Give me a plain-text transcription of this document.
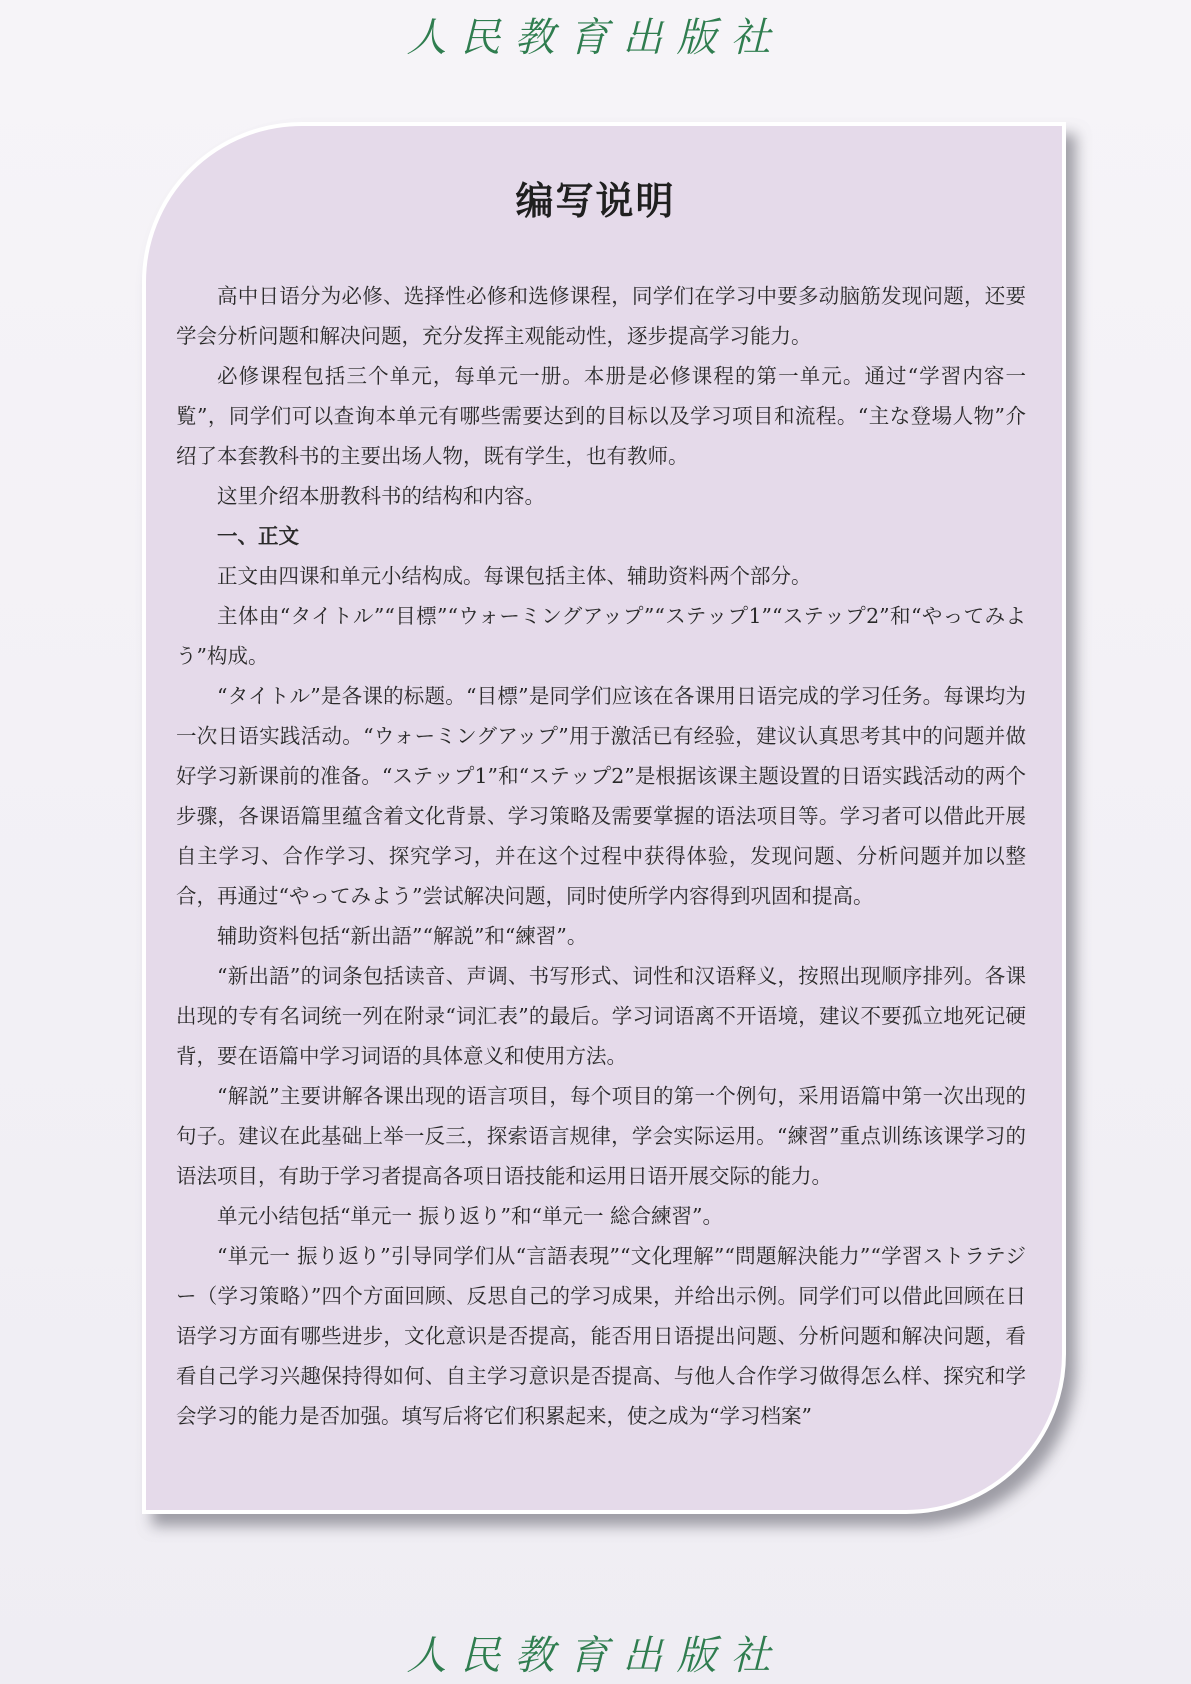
人民教育出版社
编写说明

高中日语分为必修、选择性必修和选修课程，同学们在学习中要多动脑筋发现问题，还要学会分析问题和解决问题，充分发挥主观能动性，逐步提高学习能力。

必修课程包括三个单元，每单元一册。本册是必修课程的第一单元。通过“学習内容一覧”，同学们可以查询本单元有哪些需要达到的目标以及学习项目和流程。“主な登場人物”介绍了本套教科书的主要出场人物，既有学生，也有教师。

这里介绍本册教科书的结构和内容。

一、正文

正文由四课和单元小结构成。每课包括主体、辅助资料两个部分。

主体由“タイトル”“目標”“ウォーミングアップ”“ステップ1”“ステップ2”和“やってみよう”构成。

“タイトル”是各课的标题。“目標”是同学们应该在各课用日语完成的学习任务。每课均为一次日语实践活动。“ウォーミングアップ”用于激活已有经验，建议认真思考其中的问题并做好学习新课前的准备。“ステップ1”和“ステップ2”是根据该课主题设置的日语实践活动的两个步骤，各课语篇里蕴含着文化背景、学习策略及需要掌握的语法项目等。学习者可以借此开展自主学习、合作学习、探究学习，并在这个过程中获得体验，发现问题、分析问题并加以整合，再通过“やってみよう”尝试解决问题，同时使所学内容得到巩固和提高。

辅助资料包括“新出語”“解説”和“練習”。

“新出語”的词条包括读音、声调、书写形式、词性和汉语释义，按照出现顺序排列。各课出现的专有名词统一列在附录“词汇表”的最后。学习词语离不开语境，建议不要孤立地死记硬背，要在语篇中学习词语的具体意义和使用方法。

“解説”主要讲解各课出现的语言项目，每个项目的第一个例句，采用语篇中第一次出现的句子。建议在此基础上举一反三，探索语言规律，学会实际运用。“練習”重点训练该课学习的语法项目，有助于学习者提高各项日语技能和运用日语开展交际的能力。

单元小结包括“単元一 振り返り”和“単元一 総合練習”。

“単元一 振り返り”引导同学们从“言語表現”“文化理解”“問題解決能力”“学習ストラテジー（学习策略）”四个方面回顾、反思自己的学习成果，并给出示例。同学们可以借此回顾在日语学习方面有哪些进步，文化意识是否提高，能否用日语提出问题、分析问题和解决问题，看看自己学习兴趣保持得如何、自主学习意识是否提高、与他人合作学习做得怎么样、探究和学会学习的能力是否加强。填写后将它们积累起来，使之成为“学习档案”

人民教育出版社
